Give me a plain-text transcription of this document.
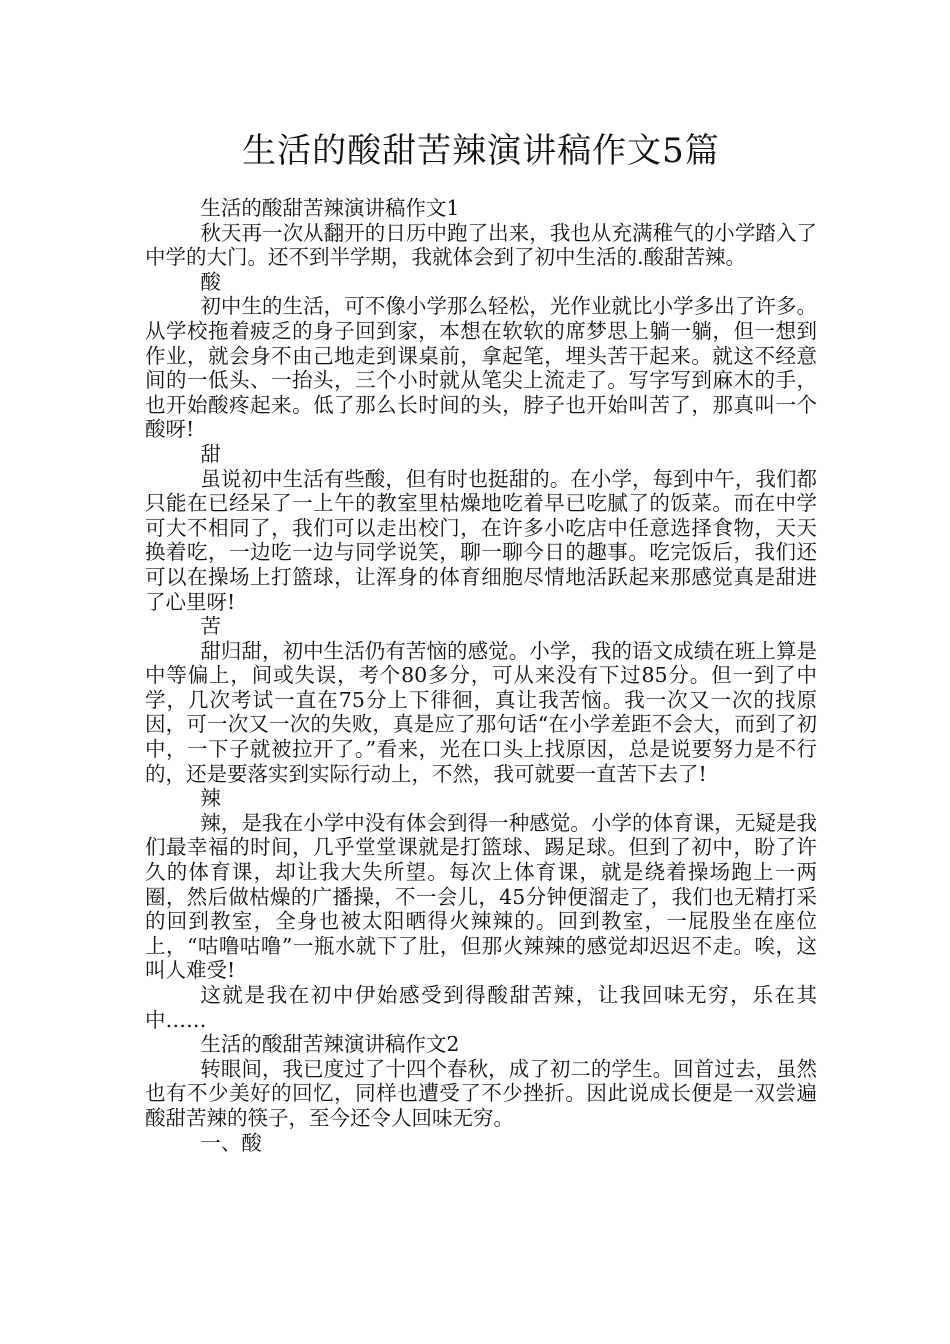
生活的酸甜苦辣演讲稿作文5篇

生活的酸甜苦辣演讲稿作文1

秋天再一次从翻开的日历中跑了出来，我也从充满稚气的小学踏入了中学的大门。还不到半学期，我就体会到了初中生活的.酸甜苦辣。

酸

初中生的生活，可不像小学那么轻松，光作业就比小学多出了许多。从学校拖着疲乏的身子回到家，本想在软软的席梦思上躺一躺，但一想到作业，就会身不由己地走到课桌前，拿起笔，埋头苦干起来。就这不经意间的一低头、一抬头，三个小时就从笔尖上流走了。写字写到麻木的手，也开始酸疼起来。低了那么长时间的头，脖子也开始叫苦了，那真叫一个酸呀!

甜

虽说初中生活有些酸，但有时也挺甜的。在小学，每到中午，我们都只能在已经呆了一上午的教室里枯燥地吃着早已吃腻了的饭菜。而在中学可大不相同了，我们可以走出校门，在许多小吃店中任意选择食物，天天换着吃，一边吃一边与同学说笑，聊一聊今日的趣事。吃完饭后，我们还可以在操场上打篮球，让浑身的体育细胞尽情地活跃起来那感觉真是甜进了心里呀!

苦

甜归甜，初中生活仍有苦恼的感觉。小学，我的语文成绩在班上算是中等偏上，间或失误，考个80多分，可从来没有下过85分。但一到了中学，几次考试一直在75分上下徘徊，真让我苦恼。我一次又一次的找原因，可一次又一次的失败，真是应了那句话“在小学差距不会大，而到了初中，一下子就被拉开了。”看来，光在口头上找原因，总是说要努力是不行的，还是要落实到实际行动上，不然，我可就要一直苦下去了!

辣

辣，是我在小学中没有体会到得一种感觉。小学的体育课，无疑是我们最幸福的时间，几乎堂堂课就是打篮球、踢足球。但到了初中，盼了许久的体育课，却让我大失所望。每次上体育课，就是绕着操场跑上一两圈，然后做枯燥的广播操，不一会儿，45分钟便溜走了，我们也无精打采的回到教室，全身也被太阳晒得火辣辣的。回到教室，一屁股坐在座位上，“咕噜咕噜”一瓶水就下了肚，但那火辣辣的感觉却迟迟不走。唉，这叫人难受!

这就是我在初中伊始感受到得酸甜苦辣，让我回味无穷，乐在其中……

生活的酸甜苦辣演讲稿作文2

转眼间，我已度过了十四个春秋，成了初二的学生。回首过去，虽然也有不少美好的回忆，同样也遭受了不少挫折。因此说成长便是一双尝遍酸甜苦辣的筷子，至今还令人回味无穷。

一、酸
